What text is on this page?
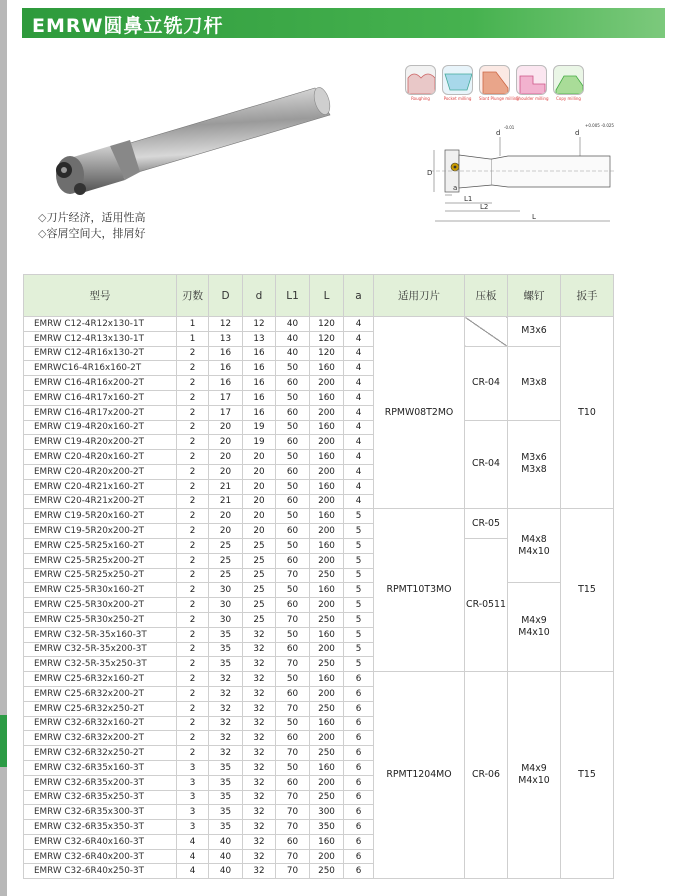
EMRW圆鼻立铣刀杆
◇ 刀片经济，适用性高
◇ 容屑空间大，排屑好
Roughing	Pocket milling	Slant Plunge milling
Shoulder milling	Copy milling
D
d
-0.01
d
+0.005 -0.025
a
L1
L2
L
型号	刃数	D	d	L1	L	a	适用刀片	压板	螺钉	扳手
EMRW C12-4R12x130-1T	1	12	12	40	120	4	RPMW08T2MO		M3x6	T10
EMRW C12-4R13x130-1T	1	13	13	40	120	4				
EMRW C12-4R16x130-2T	2	16	16	40	120	4		CR-04	M3x8	
EMRWC16-4R16x160-2T	2	16	16	50	160	4				
EMRW C16-4R16x200-2T	2	16	16	60	200	4				
EMRW C16-4R17x160-2T	2	17	16	50	160	4				
EMRW C16-4R17x200-2T	2	17	16	60	200	4				
EMRW C19-4R20x160-2T	2	20	19	50	160	4		CR-04	M3x6
M3x8	
EMRW C19-4R20x200-2T	2	20	19	60	200	4				
EMRW C20-4R20x160-2T	2	20	20	50	160	4				
EMRW C20-4R20x200-2T	2	20	20	60	200	4				
EMRW C20-4R21x160-2T	2	21	20	50	160	4				
EMRW C20-4R21x200-2T	2	21	20	60	200	4				
EMRW C19-5R20x160-2T	2	20	20	50	160	5	RPMT10T3MO	CR-05	M4x8
M4x10	T15
EMRW C19-5R20x200-2T	2	20	20	60	200	5				
EMRW C25-5R25x160-2T	2	25	25	50	160	5		CR-0511		
EMRW C25-5R25x200-2T	2	25	25	60	200	5				
EMRW C25-5R25x250-2T	2	25	25	70	250	5				
EMRW C25-5R30x160-2T	2	30	25	50	160	5			M4x9
M4x10	
EMRW C25-5R30x200-2T	2	30	25	60	200	5				
EMRW C25-5R30x250-2T	2	30	25	70	250	5				
EMRW C32-5R-35x160-3T	2	35	32	50	160	5				
EMRW C32-5R-35x200-3T	2	35	32	60	200	5				
EMRW C32-5R-35x250-3T	2	35	32	70	250	5				
EMRW C25-6R32x160-2T	2	32	32	50	160	6	RPMT1204MO	CR-06	M4x9
M4x10	T15
EMRW C25-6R32x200-2T	2	32	32	60	200	6				
EMRW C25-6R32x250-2T	2	32	32	70	250	6				
EMRW C32-6R32x160-2T	2	32	32	50	160	6				
EMRW C32-6R32x200-2T	2	32	32	60	200	6				
EMRW C32-6R32x250-2T	2	32	32	70	250	6				
EMRW C32-6R35x160-3T	3	35	32	50	160	6				
EMRW C32-6R35x200-3T	3	35	32	60	200	6				
EMRW C32-6R35x250-3T	3	35	32	70	250	6				
EMRW C32-6R35x300-3T	3	35	32	70	300	6				
EMRW C32-6R35x350-3T	3	35	32	70	350	6				
EMRW C32-6R40x160-3T	4	40	32	60	160	6				
EMRW C32-6R40x200-3T	4	40	32	70	200	6				
EMRW C32-6R40x250-3T	4	40	32	70	250	6				
